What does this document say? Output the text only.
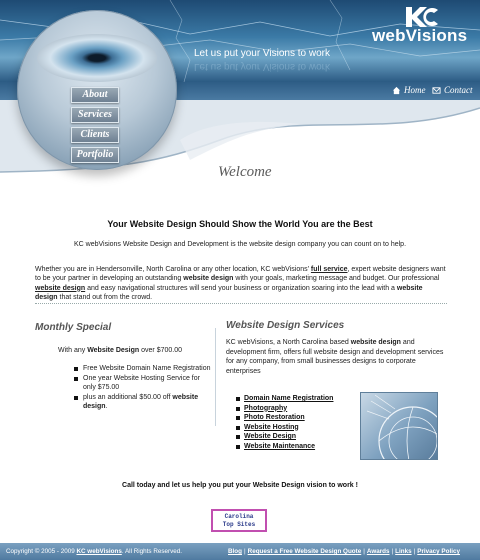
Let us put your Visions to work
Let us put your Visions to work
webVisions
Home Contact
About
Services
Clients
Portfolio
Welcome
Your Website Design Should Show the World You are the Best
KC webVisions Website Design and Development is the website design company you can count on to help.
Whether you are in Hendersonville, North Carolina or any other location, KC webVisions' full service, expert website designers want to be your partner in developing an outstanding website design with your goals, marketing message and budget. Our professional website design and easy navigational structures will send your business or organization soaring into the lead with a website design that stand out from the crowd.
Monthly Special
With any Website Design over $700.00
Free Website Domain Name Registration
One year Website Hosting Service for only $75.00
plus an additional $50.00 off website design.
Website Design Services
KC webVisions, a North Carolina based website design and development firm, offers full website design and development services for any company, from small businesses designs to corporate enterprises
Domain Name Registration
Photography
Photo Restoration
Website Hosting
Website Design
Website Maintenance
Call today and let us help you put your Website Design vision to work !
Carolina
Top Sites
Copyright © 2005 - 2009 KC webVisions. All Rights Reserved.	Blog | Request a Free Website Design Quote | Awards | Links | Privacy Policy
